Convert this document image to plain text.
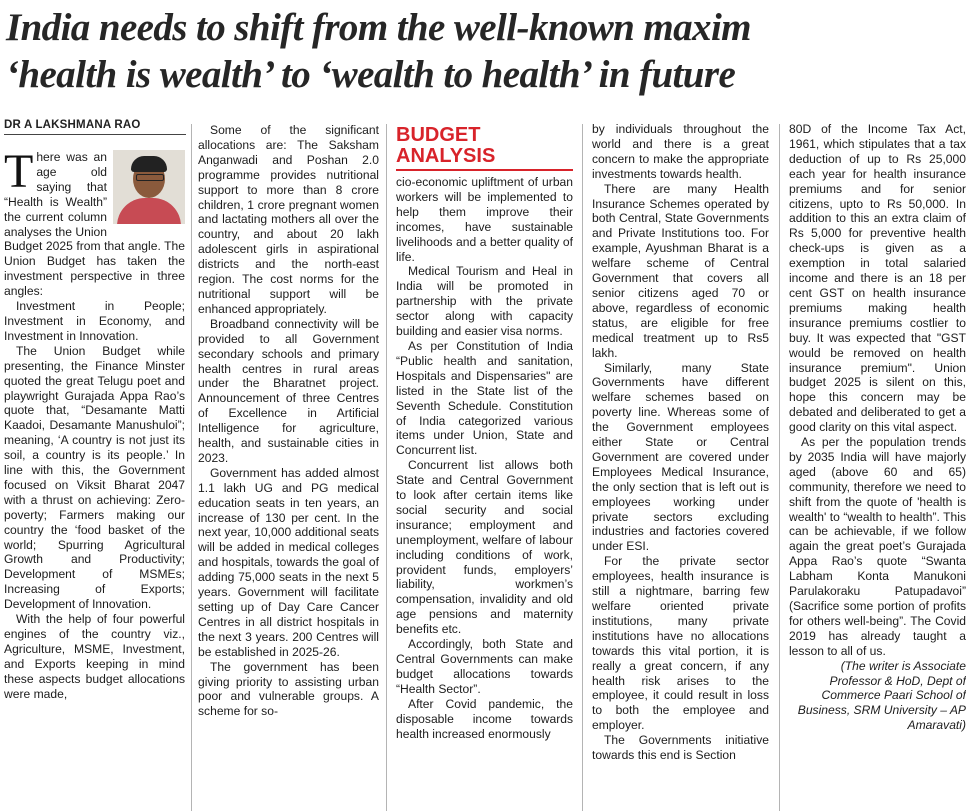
India needs to shift from the well-known maxim
‘health is wealth’ to ‘wealth to health’ in future
DR A LAKSHMANA RAO

There was an age old saying that “Health is Wealth” the current column analyses the Union Budget 2025 from that angle. The Union Budget has taken the investment perspective in three angles:

Investment in People; Investment in Economy, and Investment in Innovation.

The Union Budget while presenting, the Finance Minster quoted the great Telugu poet and playwright Gurajada Appa Rao’s quote that, “Desamante Matti Kaadoi, Desamante Manushuloi”; meaning, ‘A country is not just its soil, a country is its people.’ In line with this, the Government focused on Viksit Bharat 2047 with a thrust on achieving: Zero-poverty; Farmers making our country the ‘food basket of the world; Spurring Agricultural Growth and Productivity; Development of MSMEs; Increasing of Exports; Development of Innovation.

With the help of four powerful engines of the country viz., Agriculture, MSME, Investment, and Exports keeping in mind these aspects budget allocations were made,

Some of the significant allocations are: The Saksham Anganwadi and Poshan 2.0 programme provides nutritional support to more than 8 crore children, 1 crore pregnant women and lactating mothers all over the country, and about 20 lakh adolescent girls in aspirational districts and the north-east region. The cost norms for the nutritional support will be enhanced appropriately.

Broadband connectivity will be provided to all Government secondary schools and primary health centres in rural areas under the Bharatnet project. Announcement of three Centres of Excellence in Artificial Intelligence for agriculture, health, and sustainable cities in 2023.

Government has added almost 1.1 lakh UG and PG medical education seats in ten years, an increase of 130 per cent. In the next year, 10,000 additional seats will be added in medical colleges and hospitals, towards the goal of adding 75,000 seats in the next 5 years. Government will facilitate setting up of Day Care Cancer Centres in all district hospitals in the next 3 years. 200 Centres will be established in 2025-26.

The government has been giving priority to assisting urban poor and vulnerable groups. A scheme for so-

BUDGET
ANALYSIS

cio-economic upliftment of urban workers will be implemented to help them improve their incomes, have sustainable livelihoods and a better quality of life.

Medical Tourism and Heal in India will be promoted in partnership with the private sector along with capacity building and easier visa norms.

As per Constitution of India “Public health and sanitation, Hospitals and Dispensaries" are listed in the State list of the Seventh Schedule. Constitution of India categorized various items under Union, State and Concurrent list.

Concurrent list allows both State and Central Government to look after certain items like social security and social insurance; employment and unemployment, welfare of labour including conditions of work, provident funds, employers’ liability, workmen’s compensation, invalidity and old age pensions and maternity benefits etc.

Accordingly, both State and Central Governments can make budget allocations towards “Health Sector”.

After Covid pandemic, the disposable income towards health increased enormously

by individuals throughout the world and there is a great concern to make the appropriate investments towards health.

There are many Health Insurance Schemes operated by both Central, State Governments and Private Institutions too. For example, Ayushman Bharat is a welfare scheme of Central Government that covers all senior citizens aged 70 or above, regardless of economic status, are eligible for free medical treatment up to Rs5 lakh.

Similarly, many State Governments have different welfare schemes based on poverty line. Whereas some of the Government employees either State or Central Government are covered under Employees Medical Insurance, the only section that is left out is employees working under private sectors excluding industries and factories covered under ESI.

For the private sector employees, health insurance is still a nightmare, barring few welfare oriented private institutions, many private institutions have no allocations towards this vital portion, it is really a great concern, if any health risk arises to the employee, it could result in loss to both the employee and employer.

The Governments initiative towards this end is Section

80D of the Income Tax Act, 1961, which stipulates that a tax deduction of up to Rs 25,000 each year for health insurance premiums and for senior citizens, upto to Rs 50,000. In addition to this an extra claim of Rs 5,000 for preventive health check-ups is given as a exemption in total salaried income and there is an 18 per cent GST on health insurance premiums making health insurance premiums costlier to buy. It was expected that "GST would be removed on health insurance premium". Union budget 2025 is silent on this, hope this concern may be debated and deliberated to get a good clarity on this vital aspect.

As per the population trends by 2035 India will have majorly aged (above 60 and 65) community, therefore we need to shift from the quote of 'health is wealth' to “wealth to health”. This can be achievable, if we follow again the great poet’s Gurajada Appa Rao’s quote “Swanta Labham Konta Manukoni Parulakoraku Patupadavoi” (Sacrifice some portion of profits for others well-being”. The Covid 2019 has already taught a lesson to all of us.

(The writer is Associate Professor & HoD, Dept of Commerce Paari School of Business, SRM University – AP Amaravati)
